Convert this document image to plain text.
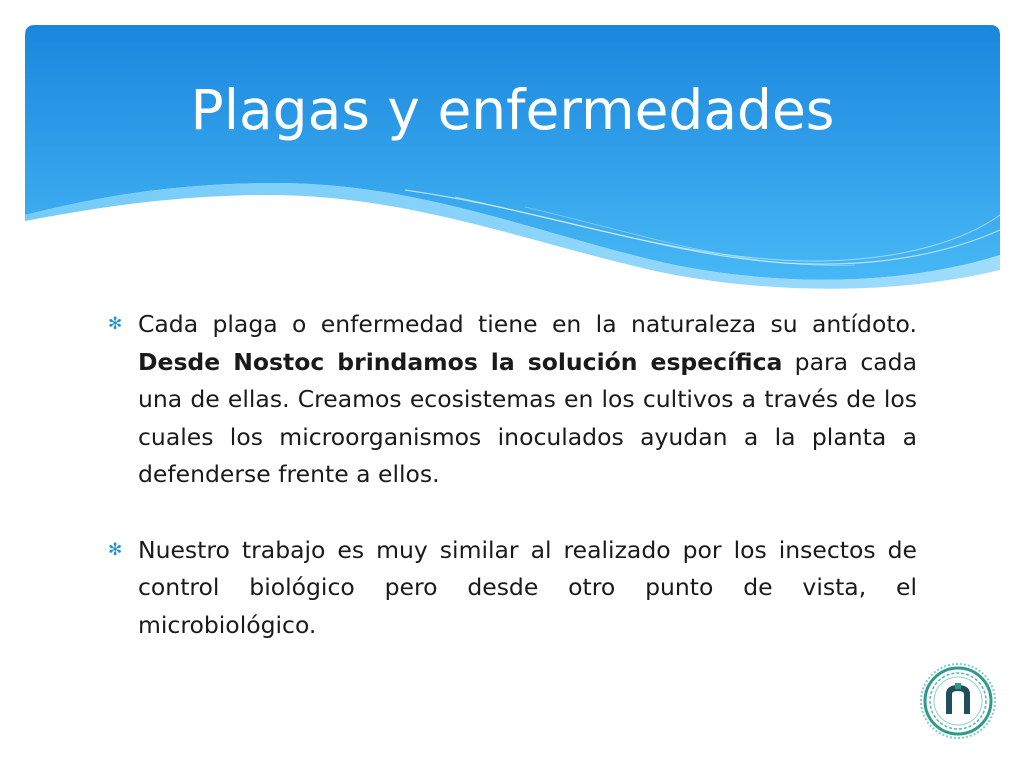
Plagas y enfermedades
✻ Cada plaga o enfermedad tiene en la naturaleza su antídoto. Desde Nostoc brindamos la solución específica para cada una de ellas. Creamos ecosistemas en los cultivos a través de los cuales los microorganismos inoculados ayudan a la planta a defenderse frente a ellos.
✻ Nuestro trabajo es muy similar al realizado por los insectos de control biológico pero desde otro punto de vista, el microbiológico.
